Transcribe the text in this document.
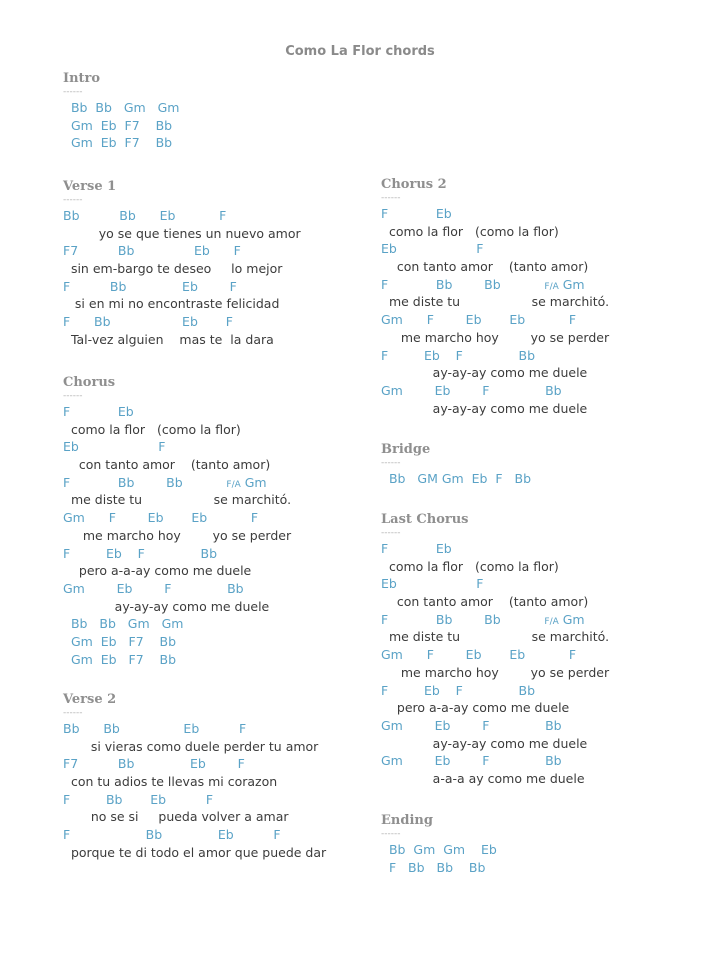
Como La Flor chords
Intro
------
Bb  Bb   Gm   Gm
Gm  Eb  F7    Bb
Gm  Eb  F7    Bb
Verse 1
------
Bb          Bb      Eb           F
yo se que tienes un nuevo amor
F7          Bb               Eb      F
sin em-bargo te deseo     lo mejor
F          Bb              Eb        F
si en mi no encontraste felicidad
F      Bb                  Eb       F
Tal-vez alguien    mas te  la dara
Chorus
------
F            Eb
como la flor   (como la flor)
Eb                    F
con tanto amor    (tanto amor)
F            Bb        Bb           F/A Gm
me diste tu                  se marchitó.
Gm      F        Eb       Eb           F
me marcho hoy        yo se perder
F         Eb    F              Bb
pero a-a-ay como me duele
Gm        Eb        F              Bb
ay-ay-ay como me duele
Bb   Bb   Gm   Gm
Gm  Eb   F7    Bb
Gm  Eb   F7    Bb
Verse 2
------
Bb      Bb                Eb          F
si vieras como duele perder tu amor
F7          Bb              Eb        F
con tu adios te llevas mi corazon
F         Bb       Eb          F
no se si     pueda volver a amar
F                   Bb              Eb          F
porque te di todo el amor que puede dar
Chorus 2
------
F            Eb
como la flor   (como la flor)
Eb                    F
con tanto amor    (tanto amor)
F            Bb        Bb           F/A Gm
me diste tu                  se marchitó.
Gm      F        Eb       Eb           F
me marcho hoy        yo se perder
F         Eb    F              Bb
ay-ay-ay como me duele
Gm        Eb        F              Bb
ay-ay-ay como me duele
Bridge
------
Bb   GM Gm  Eb  F   Bb
Last Chorus
------
F            Eb
como la flor   (como la flor)
Eb                    F
con tanto amor    (tanto amor)
F            Bb        Bb           F/A Gm
me diste tu                  se marchitó.
Gm      F        Eb       Eb           F
me marcho hoy        yo se perder
F         Eb    F              Bb
pero a-a-ay como me duele
Gm        Eb        F              Bb
ay-ay-ay como me duele
Gm        Eb        F              Bb
a-a-a ay como me duele
Ending
------
Bb  Gm  Gm    Eb
F   Bb   Bb    Bb
